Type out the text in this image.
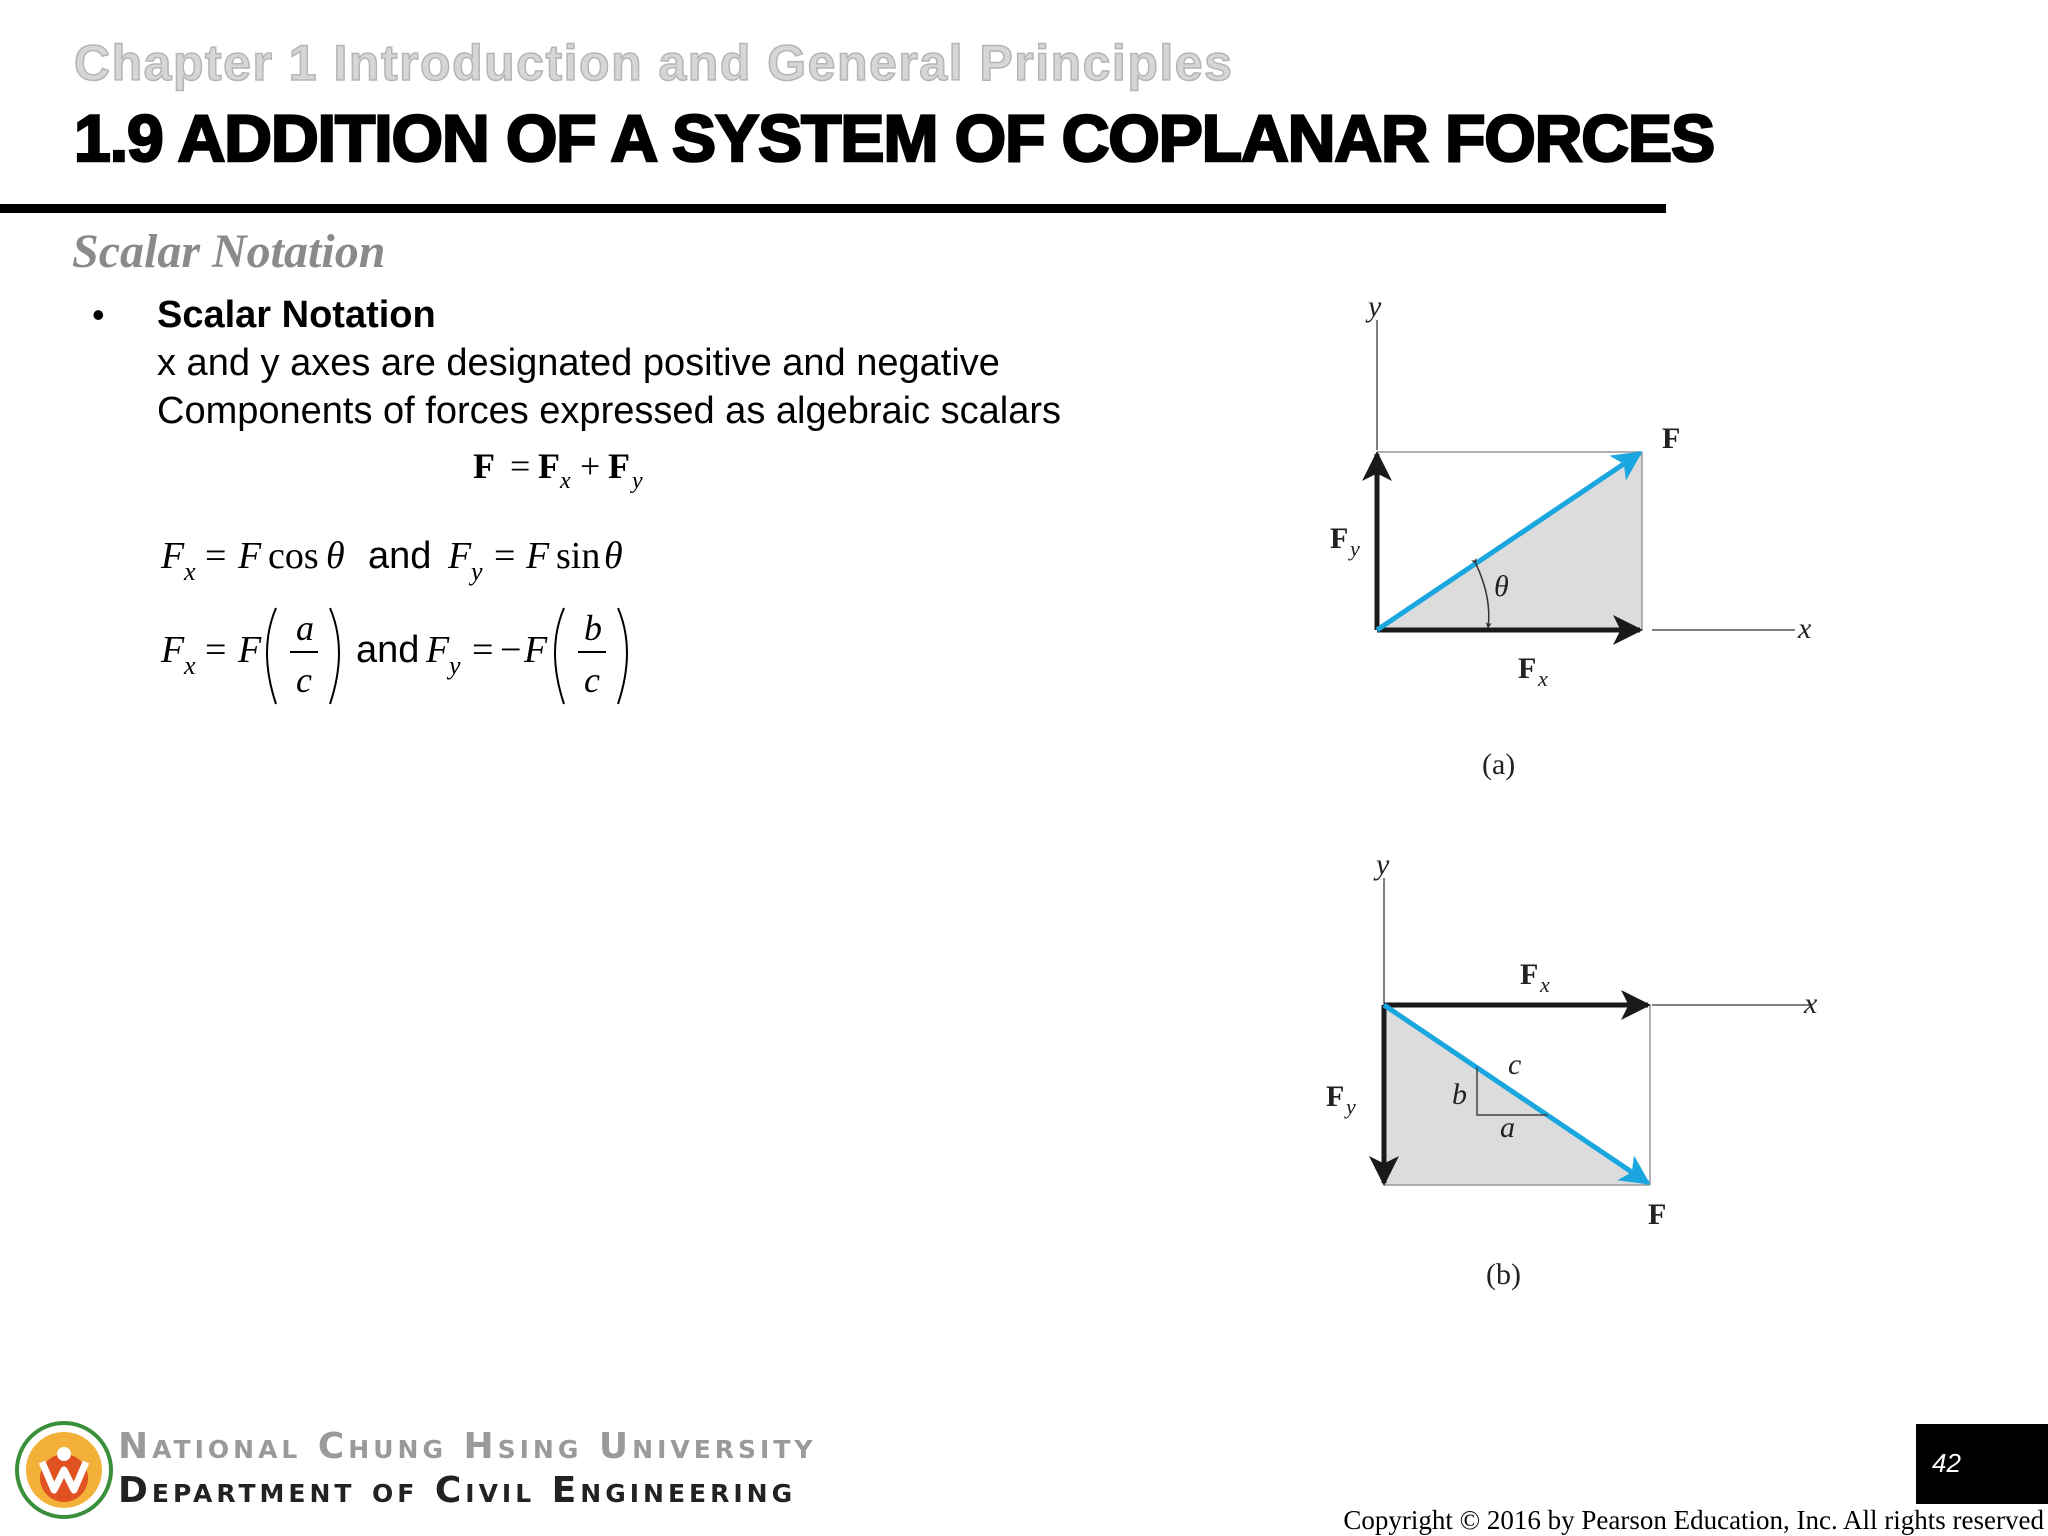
Chapter 1 Introduction and General Principles
1.9 ADDITION OF A SYSTEM OF COPLANAR FORCES
Scalar Notation
• Scalar Notation
x and y axes are designated positive and negative
Components of forces expressed as algebraic scalars
F = F x + F y
F x = F cos θ and F y = F sin θ
F x = F
a
c
and F y = − F
b
c
y
x
θ
F
F x
F y
(a)
y
x
b
a
c
F x
F y
F
(b)
National Chung Hsing University
Department of Civil Engineering
42
Copyright © 2016 by Pearson Education, Inc. All rights reserved
